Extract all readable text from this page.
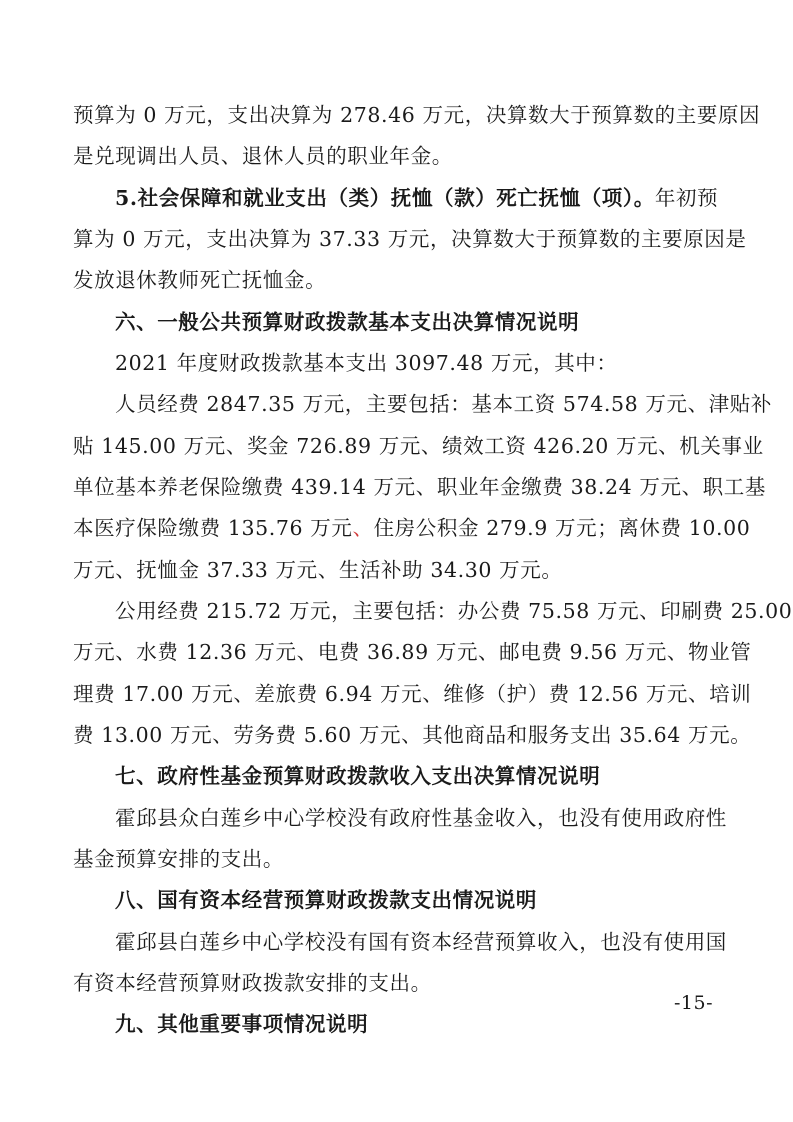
预算为 0 万元，支出决算为 278.46 万元，决算数大于预算数的主要原因
是兑现调出人员、退休人员的职业年金。
5.社会保障和就业支出（类）抚恤（款）死亡抚恤（项）。年初预
算为 0 万元，支出决算为 37.33 万元，决算数大于预算数的主要原因是
发放退休教师死亡抚恤金。
六、一般公共预算财政拨款基本支出决算情况说明
2021 年度财政拨款基本支出 3097.48 万元，其中：
人员经费 2847.35 万元，主要包括：基本工资 574.58 万元、津贴补
贴 145.00 万元、奖金 726.89 万元、绩效工资 426.20 万元、机关事业
单位基本养老保险缴费 439.14 万元、职业年金缴费 38.24 万元、职工基
本医疗保险缴费 135.76 万元、住房公积金 279.9 万元；离休费 10.00
万元、抚恤金 37.33 万元、生活补助 34.30 万元。
公用经费 215.72 万元，主要包括：办公费 75.58 万元、印刷费 25.00
万元、水费 12.36 万元、电费 36.89 万元、邮电费 9.56 万元、物业管
理费 17.00 万元、差旅费 6.94 万元、维修（护）费 12.56 万元、培训
费 13.00 万元、劳务费 5.60 万元、其他商品和服务支出 35.64 万元。
七、政府性基金预算财政拨款收入支出决算情况说明
霍邱县众白莲乡中心学校没有政府性基金收入，也没有使用政府性
基金预算安排的支出。
八、国有资本经营预算财政拨款支出情况说明
霍邱县白莲乡中心学校没有国有资本经营预算收入，也没有使用国
有资本经营预算财政拨款安排的支出。
九、其他重要事项情况说明
-15-
